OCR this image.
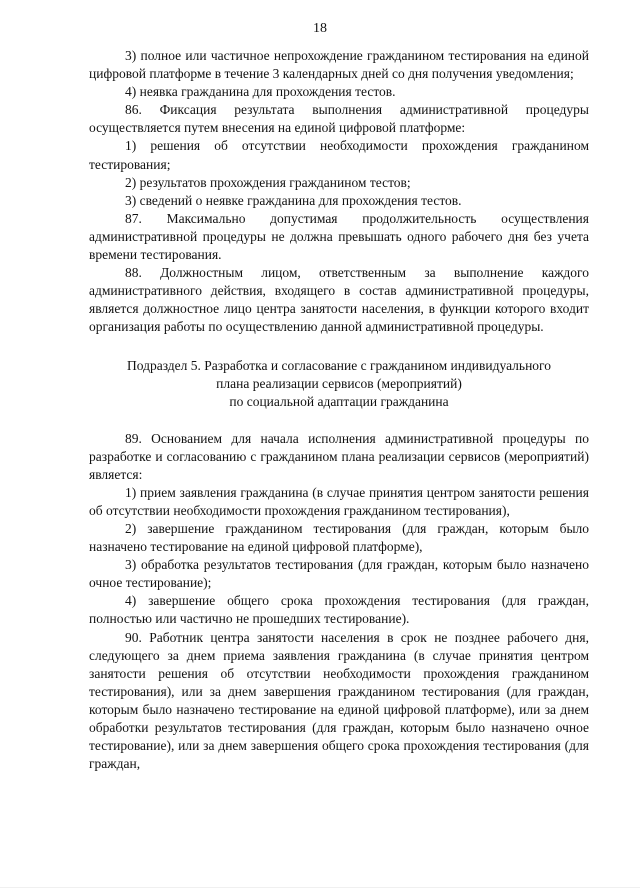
18

3) полное или частичное непрохождение гражданином тестирования на единой цифровой платформе в течение 3 календарных дней со дня получения уведомления;

4) неявка гражданина для прохождения тестов.

86. Фиксация результата выполнения административной процедуры осуществляется путем внесения на единой цифровой платформе:

1) решения об отсутствии необходимости прохождения гражданином тестирования;

2) результатов прохождения гражданином тестов;

3) сведений о неявке гражданина для прохождения тестов.

87. Максимально допустимая продолжительность осуществления административной процедуры не должна превышать одного рабочего дня без учета времени тестирования.

88. Должностным лицом, ответственным за выполнение каждого административного действия, входящего в состав административной процедуры, является должностное лицо центра занятости населения, в функции которого входит организация работы по осуществлению данной административной процедуры.

Подраздел 5. Разработка и согласование с гражданином индивидуального
плана реализации сервисов (мероприятий)
по социальной адаптации гражданина

89. Основанием для начала исполнения административной процедуры по разработке и согласованию с гражданином плана реализации сервисов (мероприятий) является:

1) прием заявления гражданина (в случае принятия центром занятости решения об отсутствии необходимости прохождения гражданином тестирования),

2) завершение гражданином тестирования (для граждан, которым было назначено тестирование на единой цифровой платформе),

3) обработка результатов тестирования (для граждан, которым было назначено очное тестирование);

4) завершение общего срока прохождения тестирования (для граждан, полностью или частично не прошедших тестирование).

90. Работник центра занятости населения в срок не позднее рабочего дня, следующего за днем приема заявления гражданина (в случае принятия центром занятости решения об отсутствии необходимости прохождения гражданином тестирования), или за днем завершения гражданином тестирования (для граждан, которым было назначено тестирование на единой цифровой платформе), или за днем обработки результатов тестирования (для граждан, которым было назначено очное тестирование), или за днем завершения общего срока прохождения тестирования (для граждан,
